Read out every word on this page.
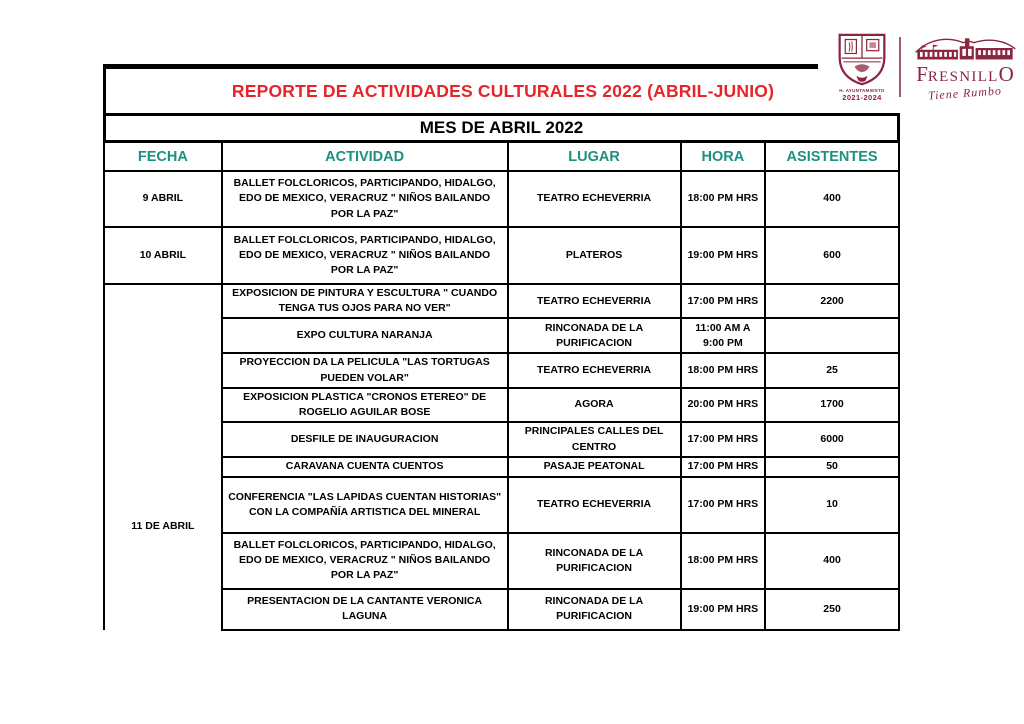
H. AYUNTAMIENTO
2021-2024
FRESNILLO
Tiene Rumbo
REPORTE DE ACTIVIDADES CULTURALES 2022 (ABRIL-JUNIO)
MES DE ABRIL 2022
FECHA	ACTIVIDAD	LUGAR	HORA	ASISTENTES
9 ABRIL	BALLET FOLCLORICOS, PARTICIPANDO, HIDALGO, EDO DE MEXICO, VERACRUZ " NIÑOS BAILANDO POR LA PAZ"	TEATRO ECHEVERRIA	18:00 PM HRS	400
10 ABRIL	BALLET FOLCLORICOS, PARTICIPANDO, HIDALGO, EDO DE MEXICO, VERACRUZ " NIÑOS BAILANDO POR LA PAZ"	PLATEROS	19:00 PM HRS	600
11 DE ABRIL	EXPOSICION DE PINTURA Y ESCULTURA " CUANDO TENGA TUS OJOS PARA NO VER"	TEATRO ECHEVERRIA	17:00 PM HRS	2200
	EXPO CULTURA NARANJA	RINCONADA DE LA PURIFICACION	11:00 AM A 9:00 PM	
	PROYECCION DA LA PELICULA "LAS TORTUGAS PUEDEN VOLAR"	TEATRO ECHEVERRIA	18:00 PM HRS	25
	EXPOSICION PLASTICA "CRONOS ETEREO" DE ROGELIO AGUILAR BOSE	AGORA	20:00 PM HRS	1700
	DESFILE DE INAUGURACION	PRINCIPALES CALLES DEL CENTRO	17:00 PM HRS	6000
	CARAVANA CUENTA CUENTOS	PASAJE PEATONAL	17:00 PM HRS	50
	CONFERENCIA "LAS LAPIDAS CUENTAN HISTORIAS" CON LA COMPAÑÍA ARTISTICA DEL MINERAL	TEATRO ECHEVERRIA	17:00 PM HRS	10
	BALLET FOLCLORICOS, PARTICIPANDO, HIDALGO, EDO DE MEXICO, VERACRUZ " NIÑOS BAILANDO POR LA PAZ"	RINCONADA DE LA PURIFICACION	18:00 PM HRS	400
	PRESENTACION DE LA CANTANTE VERONICA LAGUNA	RINCONADA DE LA PURIFICACION	19:00 PM HRS	250
